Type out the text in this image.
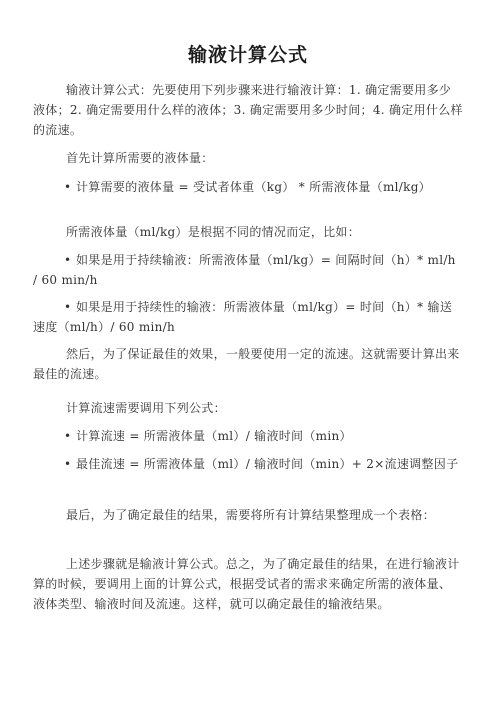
输液计算公式

输液计算公式：先要使用下列步骤来进行输液计算：1. 确定需要用多少液体；2. 确定需要用什么样的液体；3. 确定需要用多少时间；4. 确定用什么样的流速。

首先计算所需要的液体量：

• 计算需要的液体量 = 受试者体重（kg） * 所需液体量（ml/kg）

所需液体量（ml/kg）是根据不同的情况而定，比如：

• 如果是用于持续输液：所需液体量（ml/kg）= 间隔时间（h）* ml/h / 60 min/h

• 如果是用于持续性的输液：所需液体量（ml/kg）= 时间（h）* 输送速度（ml/h）/ 60 min/h

然后，为了保证最佳的效果，一般要使用一定的流速。这就需要计算出来最佳的流速。

计算流速需要调用下列公式：

• 计算流速 = 所需液体量（ml）/ 输液时间（min）

• 最佳流速 = 所需液体量（ml）/ 输液时间（min）+ 2×流速调整因子

最后，为了确定最佳的结果，需要将所有计算结果整理成一个表格：

上述步骤就是输液计算公式。总之，为了确定最佳的结果，在进行输液计算的时候，要调用上面的计算公式，根据受试者的需求来确定所需的液体量、液体类型、输液时间及流速。这样，就可以确定最佳的输液结果。
